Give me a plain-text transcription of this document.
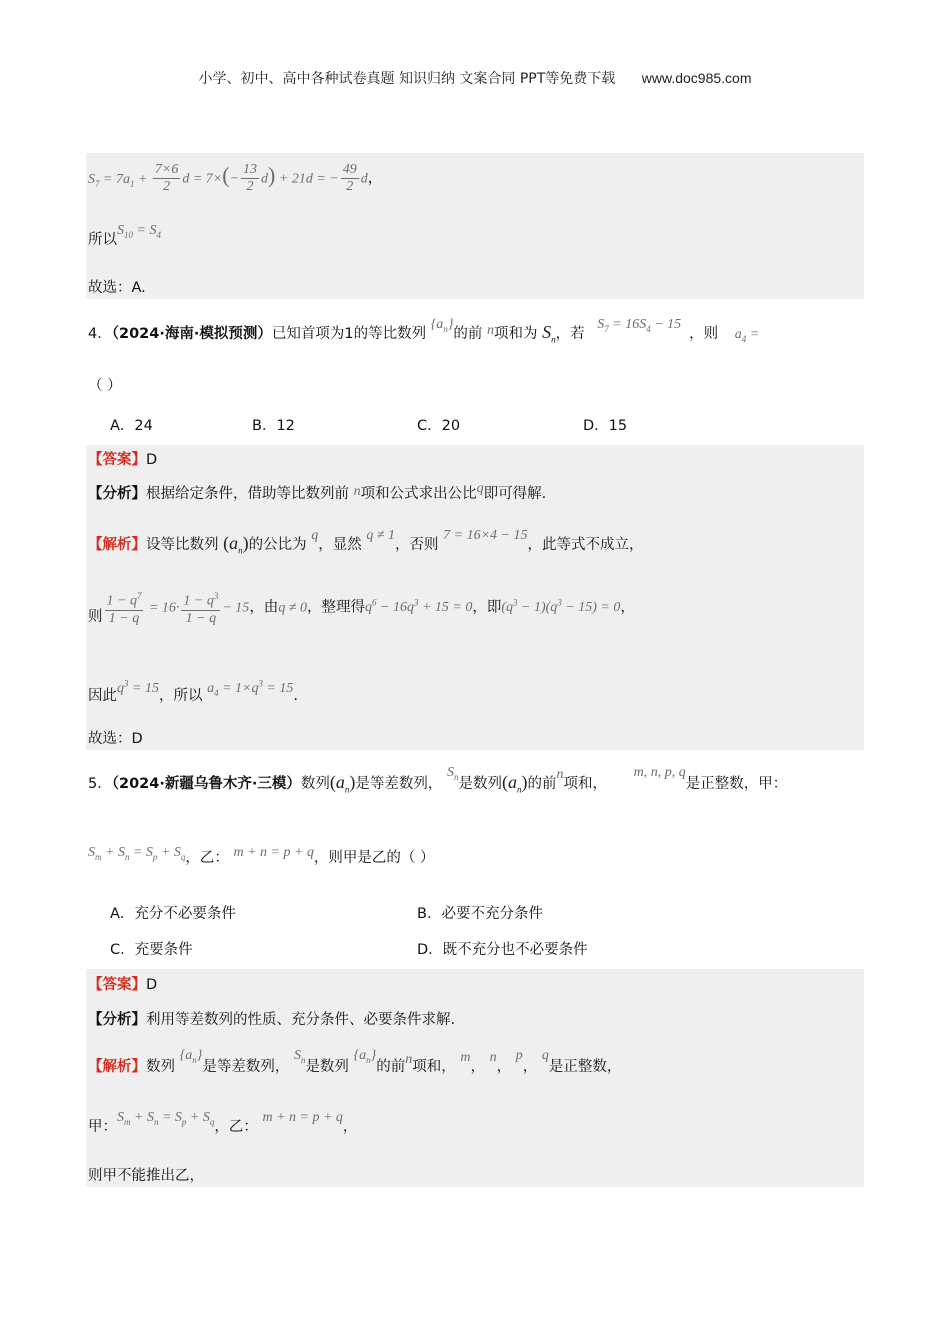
小学、初中、高中各种试卷真题 知识归纳 文案合同 PPT等免费下载 www.doc985.com
$S_7 = 7a_1 + \frac{7\times 6}{2}$ $d = 7\times(- \frac{13}{2} d) + 21d$ = − $\frac{49}{2}$ d，
所以$S_{10} = S_4$
故选：A.
4．（2024·海南·模拟预测）已知首项为1的等比数列 $\{a_n\}$的前 n项和为 $S_n$，若 $S_7 = 16S_4 - 15$，则 $a_4$ =
（ ）
A．24	B．12	C．20	D．15
【答案】D
【分析】根据给定条件，借助等比数列前 n项和公式求出公比q即可得解.
【解析】设等比数列 $(a_n)$的公比为 q，显然 q ≠ 1，否则 7 = 16×4 − 15，此等式不成立，
则 $\frac{1 - q^7}{1 - q} = 16\cdot \frac{1 - q^3}{1 - q} - 15$，由q ≠ 0，整理得$q^6 - 16q^3 + 15 = 0$，即$(q^3 - 1)(q^3 - 15) = 0$，
因此$q^3 = 15$，所以 $a_4 = 1\times q^3 = 15$.
故选：D
5．（2024·新疆乌鲁木齐·三模）数列$(a_n)$是等差数列， $S_n$是数列$(a_n)$的前n项和， m, n, p, q是正整数，甲：
$S_m + S_n = S_p + S_q$，乙： m + n = p + q，则甲是乙的（ ）
A．充分不必要条件	B．必要不充分条件
C．充要条件	D．既不充分也不必要条件
【答案】D
【分析】利用等差数列的性质、充分条件、必要条件求解.
【解析】数列 $\{a_n\}$是等差数列， $S_n$是数列 $\{a_n\}$的前n项和， m， n， p， q是正整数，
甲：$S_m + S_n = S_p + S_q$，乙： m + n = p + q，
则甲不能推出乙，
